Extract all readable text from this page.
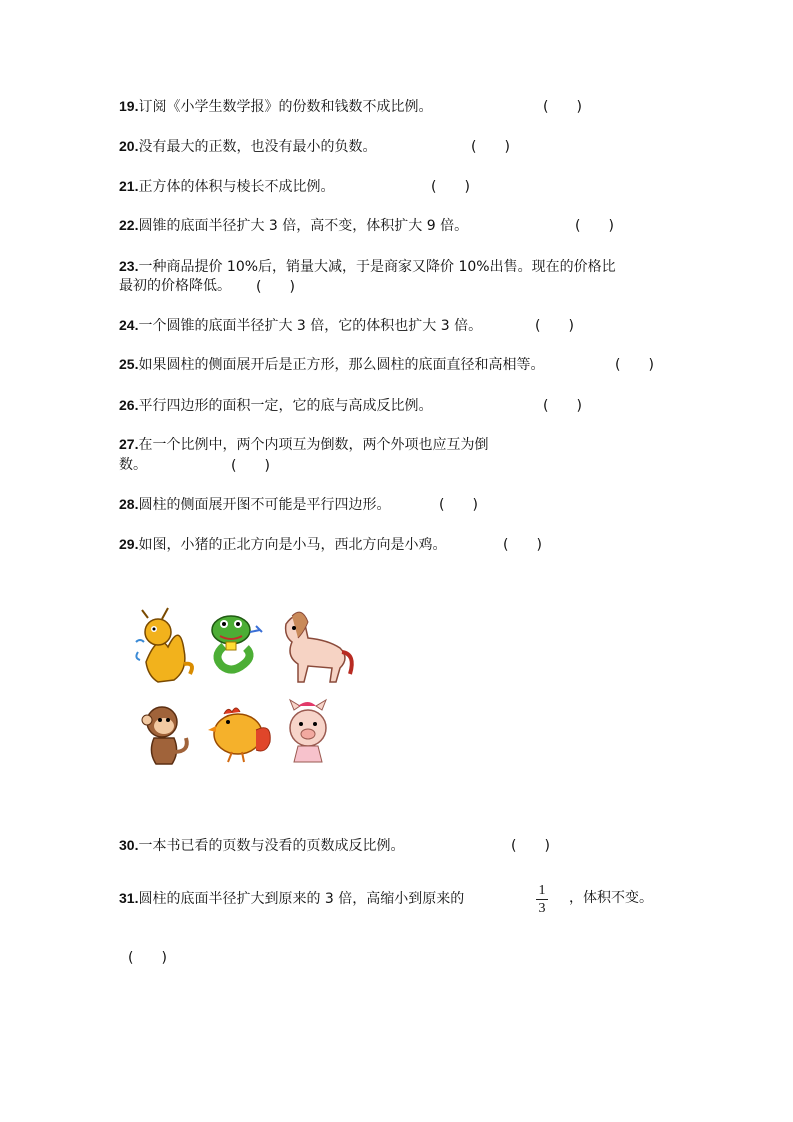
19.订阅《小学生数学报》的份数和钱数不成比例。	(　　)
20.没有最大的正数，也没有最小的负数。	(　　)
21.正方体的体积与棱长不成比例。	(　　)
22.圆锥的底面半径扩大 3 倍，高不变，体积扩大 9 倍。	(　　)
23.一种商品提价 10%后，销量大减，于是商家又降价 10%出售。现在的价格比
最初的价格降低。 (　　)
24.一个圆锥的底面半径扩大 3 倍，它的体积也扩大 3 倍。	(　　)
25.如果圆柱的侧面展开后是正方形，那么圆柱的底面直径和高相等。	(　　)
26.平行四边形的面积一定，它的底与高成反比例。	(　　)
27.在一个比例中，两个内项互为倒数，两个外项也应互为倒
数。	(　　)
28.圆柱的侧面展开图不可能是平行四边形。	(　　)
29.如图，小猪的正北方向是小马，西北方向是小鸡。	(　　)
30.一本书已看的页数与没看的页数成反比例。	(　　)
31.圆柱的底面半径扩大到原来的 3 倍，高缩小到原来的
1
3
，体积不变。
(　　)
